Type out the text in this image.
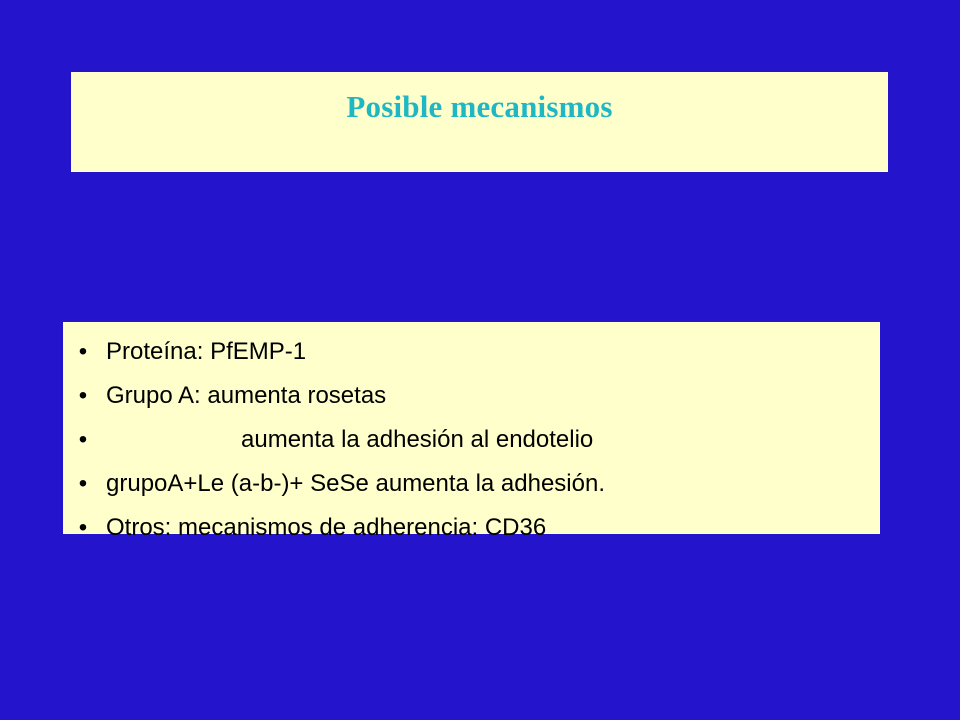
Posible mecanismos
• Proteína: PfEMP-1
• Grupo A: aumenta rosetas
•	aumenta la adhesión al endotelio
• grupoA+Le (a-b-)+ SeSe aumenta la adhesión.
• Otros: mecanismos de adherencia: CD36
